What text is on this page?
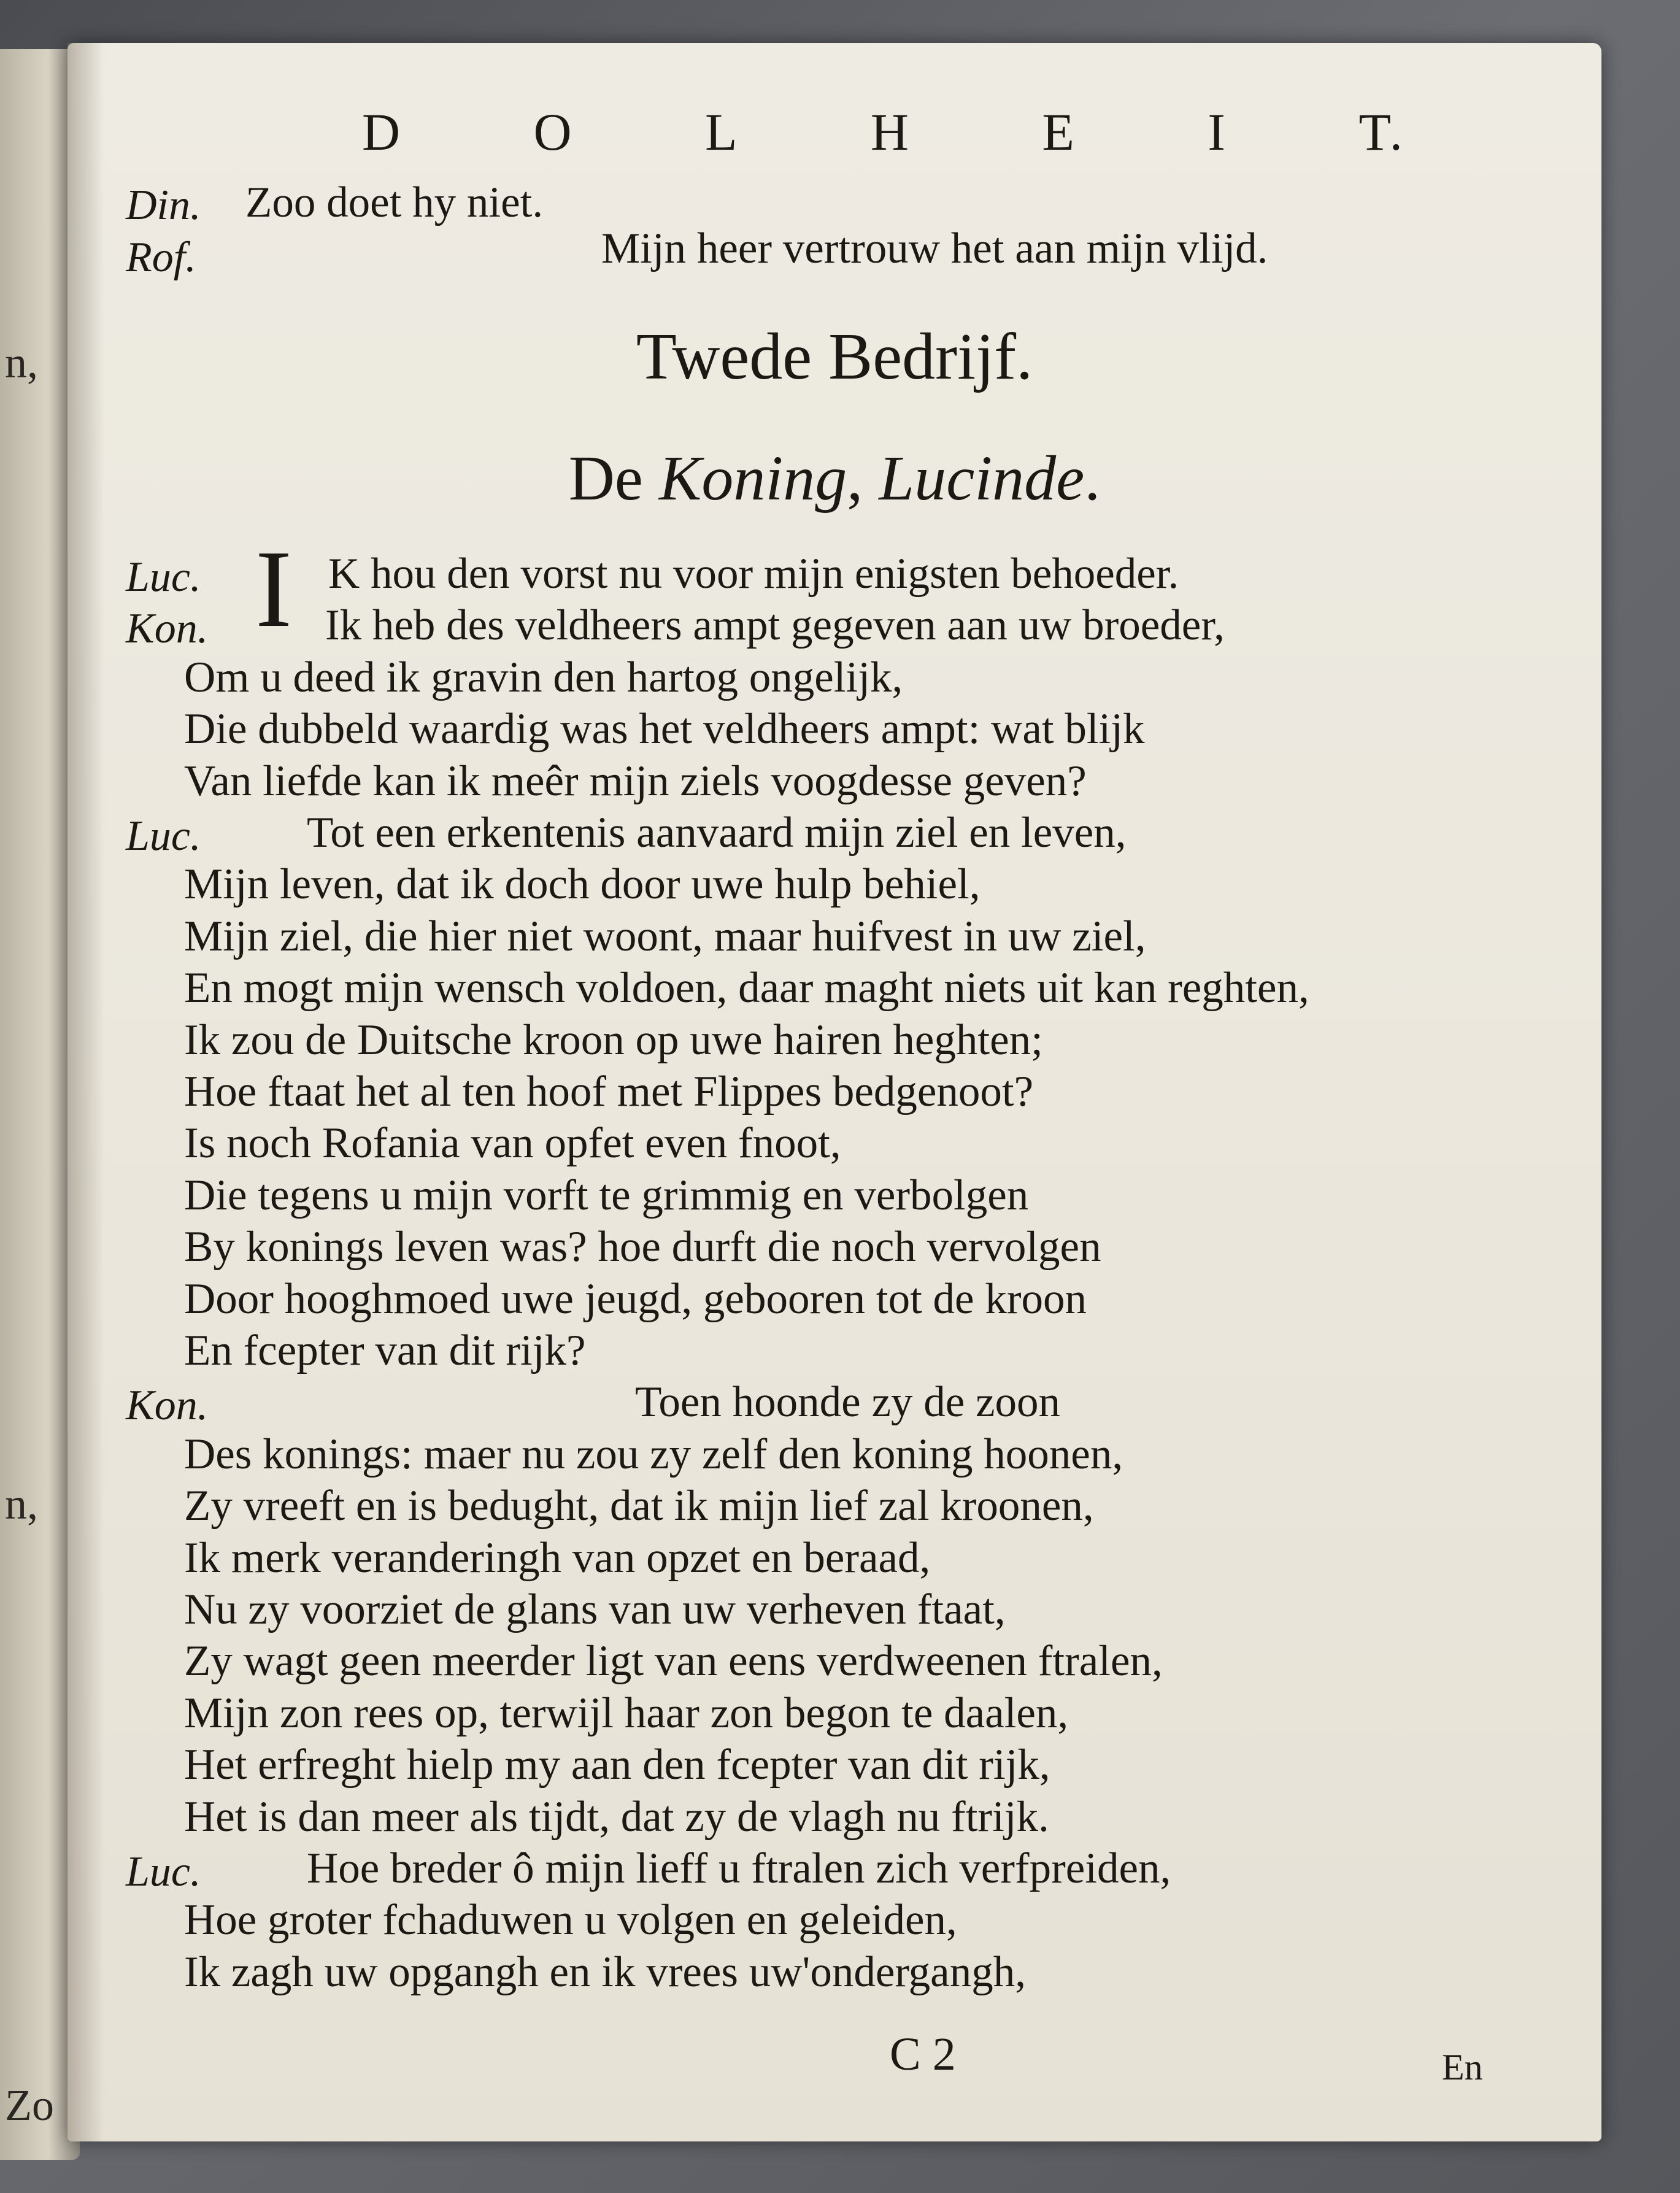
n,
n,
Zo
D O L H E I T.
Din. Zoo doet hy niet.
Rof.	Mijn heer vertrouw het aan mijn vlijd.
Twede Bedrijf.
De Koning, Lucinde.
I
Luc.	K hou den vorst nu voor mijn enigsten behoeder.
Kon.	Ik heb des veldheers ampt gegeven aan uw broeder,
Om u deed ik gravin den hartog ongelijk,
Die dubbeld waardig was het veldheers ampt: wat blijk
Van liefde kan ik meêr mijn ziels voogdesse geven?
Luc. Tot een erkentenis aanvaard mijn ziel en leven,
Mijn leven, dat ik doch door uwe hulp behiel,
Mijn ziel, die hier niet woont, maar huifvest in uw ziel,
En mogt mijn wensch voldoen, daar maght niets uit kan reghten,
Ik zou de Duitsche kroon op uwe hairen heghten;
Hoe ftaat het al ten hoof met Flippes bedgenoot?
Is noch Rofania van opfet even fnoot,
Die tegens u mijn vorft te grimmig en verbolgen
By konings leven was? hoe durft die noch vervolgen
Door hooghmoed uwe jeugd, gebooren tot de kroon
En fcepter van dit rijk?
Kon.	Toen hoonde zy de zoon
Des konings: maer nu zou zy zelf den koning hoonen,
Zy vreeft en is bedught, dat ik mijn lief zal kroonen,
Ik merk veranderingh van opzet en beraad,
Nu zy voorziet de glans van uw verheven ftaat,
Zy wagt geen meerder ligt van eens verdweenen ftralen,
Mijn zon rees op, terwijl haar zon begon te daalen,
Het erfreght hielp my aan den fcepter van dit rijk,
Het is dan meer als tijdt, dat zy de vlagh nu ftrijk.
Luc. Hoe breder ô mijn lieff u ftralen zich verfpreiden,
Hoe groter fchaduwen u volgen en geleiden,
Ik zagh uw opgangh en ik vrees uw'ondergangh,
C 2	En
